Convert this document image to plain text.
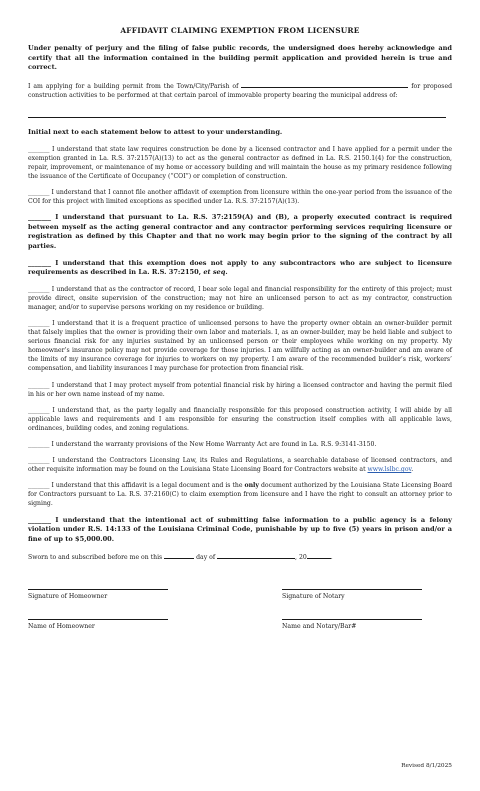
AFFIDAVIT CLAIMING EXEMPTION FROM LICENSURE

Under penalty of perjury and the filing of false public records, the undersigned does hereby acknowledge and certify that all the information contained in the building permit application and provided herein is true and correct.

I am applying for a building permit from the Town/City/Parish of	for proposed construction activities to be performed at that certain parcel of immovable property bearing the municipal address of:

Initial next to each statement below to attest to your understanding.

_______ I understand that state law requires construction be done by a licensed contractor and I have applied for a permit under the exemption granted in La. R.S. 37:2157(A)(13) to act as the general contractor as defined in La. R.S. 2150.1(4) for the construction, repair, improvement, or maintenance of my home or accessory building and will maintain the house as my primary residence following the issuance of the Certificate of Occupancy (“COI”) or completion of construction.

_______ I understand that I cannot file another affidavit of exemption from licensure within the one-year period from the issuance of the COI for this project with limited exceptions as specified under La. R.S. 37:2157(A)(13).

_______ I understand that pursuant to La. R.S. 37:2159(A) and (B), a properly executed contract is required between myself as the acting general contractor and any contractor performing services requiring licensure or registration as defined by this Chapter and that no work may begin prior to the signing of the contract by all parties.

_______ I understand that this exemption does not apply to any subcontractors who are subject to licensure requirements as described in La. R.S. 37:2150, et seq.

_______ I understand that as the contractor of record, I bear sole legal and financial responsibility for the entirety of this project; must provide direct, onsite supervision of the construction; may not hire an unlicensed person to act as my contractor, construction manager, and/or to supervise persons working on my residence or building.

_______ I understand that it is a frequent practice of unlicensed persons to have the property owner obtain an owner-builder permit that falsely implies that the owner is providing their own labor and materials. I, as an owner-builder, may be held liable and subject to serious financial risk for any injuries sustained by an unlicensed person or their employees while working on my property. My homeowner’s insurance policy may not provide coverage for those injuries. I am willfully acting as an owner-builder and am aware of the limits of my insurance coverage for injuries to workers on my property. I am aware of the recommended builder’s risk, workers’ compensation, and liability insurances I may purchase for protection from financial risk.

_______ I understand that I may protect myself from potential financial risk by hiring a licensed contractor and having the permit filed in his or her own name instead of my name.

_______ I understand that, as the party legally and financially responsible for this proposed construction activity, I will abide by all applicable laws and requirements and I am responsible for ensuring the construction itself complies with all applicable laws, ordinances, building codes, and zoning regulations.

_______ I understand the warranty provisions of the New Home Warranty Act are found in La. R.S. 9:3141-3150.

_______ I understand the Contractors Licensing Law, its Rules and Regulations, a searchable database of licensed contractors, and other requisite information may be found on the Louisiana State Licensing Board for Contractors website at www.lslbc.gov.

_______ I understand that this affidavit is a legal document and is the only document authorized by the Louisiana State Licensing Board for Contractors pursuant to La. R.S. 37:2160(C) to claim exemption from licensure and I have the right to consult an attorney prior to signing.

_______ I understand that the intentional act of submitting false information to a public agency is a felony violation under R.S. 14:133 of the Louisiana Criminal Code, punishable by up to five (5) years in prison and/or a fine of up to $5,000.00.

Sworn to and subscribed before me on this	day of	, 20	.

Signature of Homeowner	Signature of Notary
Name of Homeowner	Name and Notary/Bar#
Revised 8/1/2025
